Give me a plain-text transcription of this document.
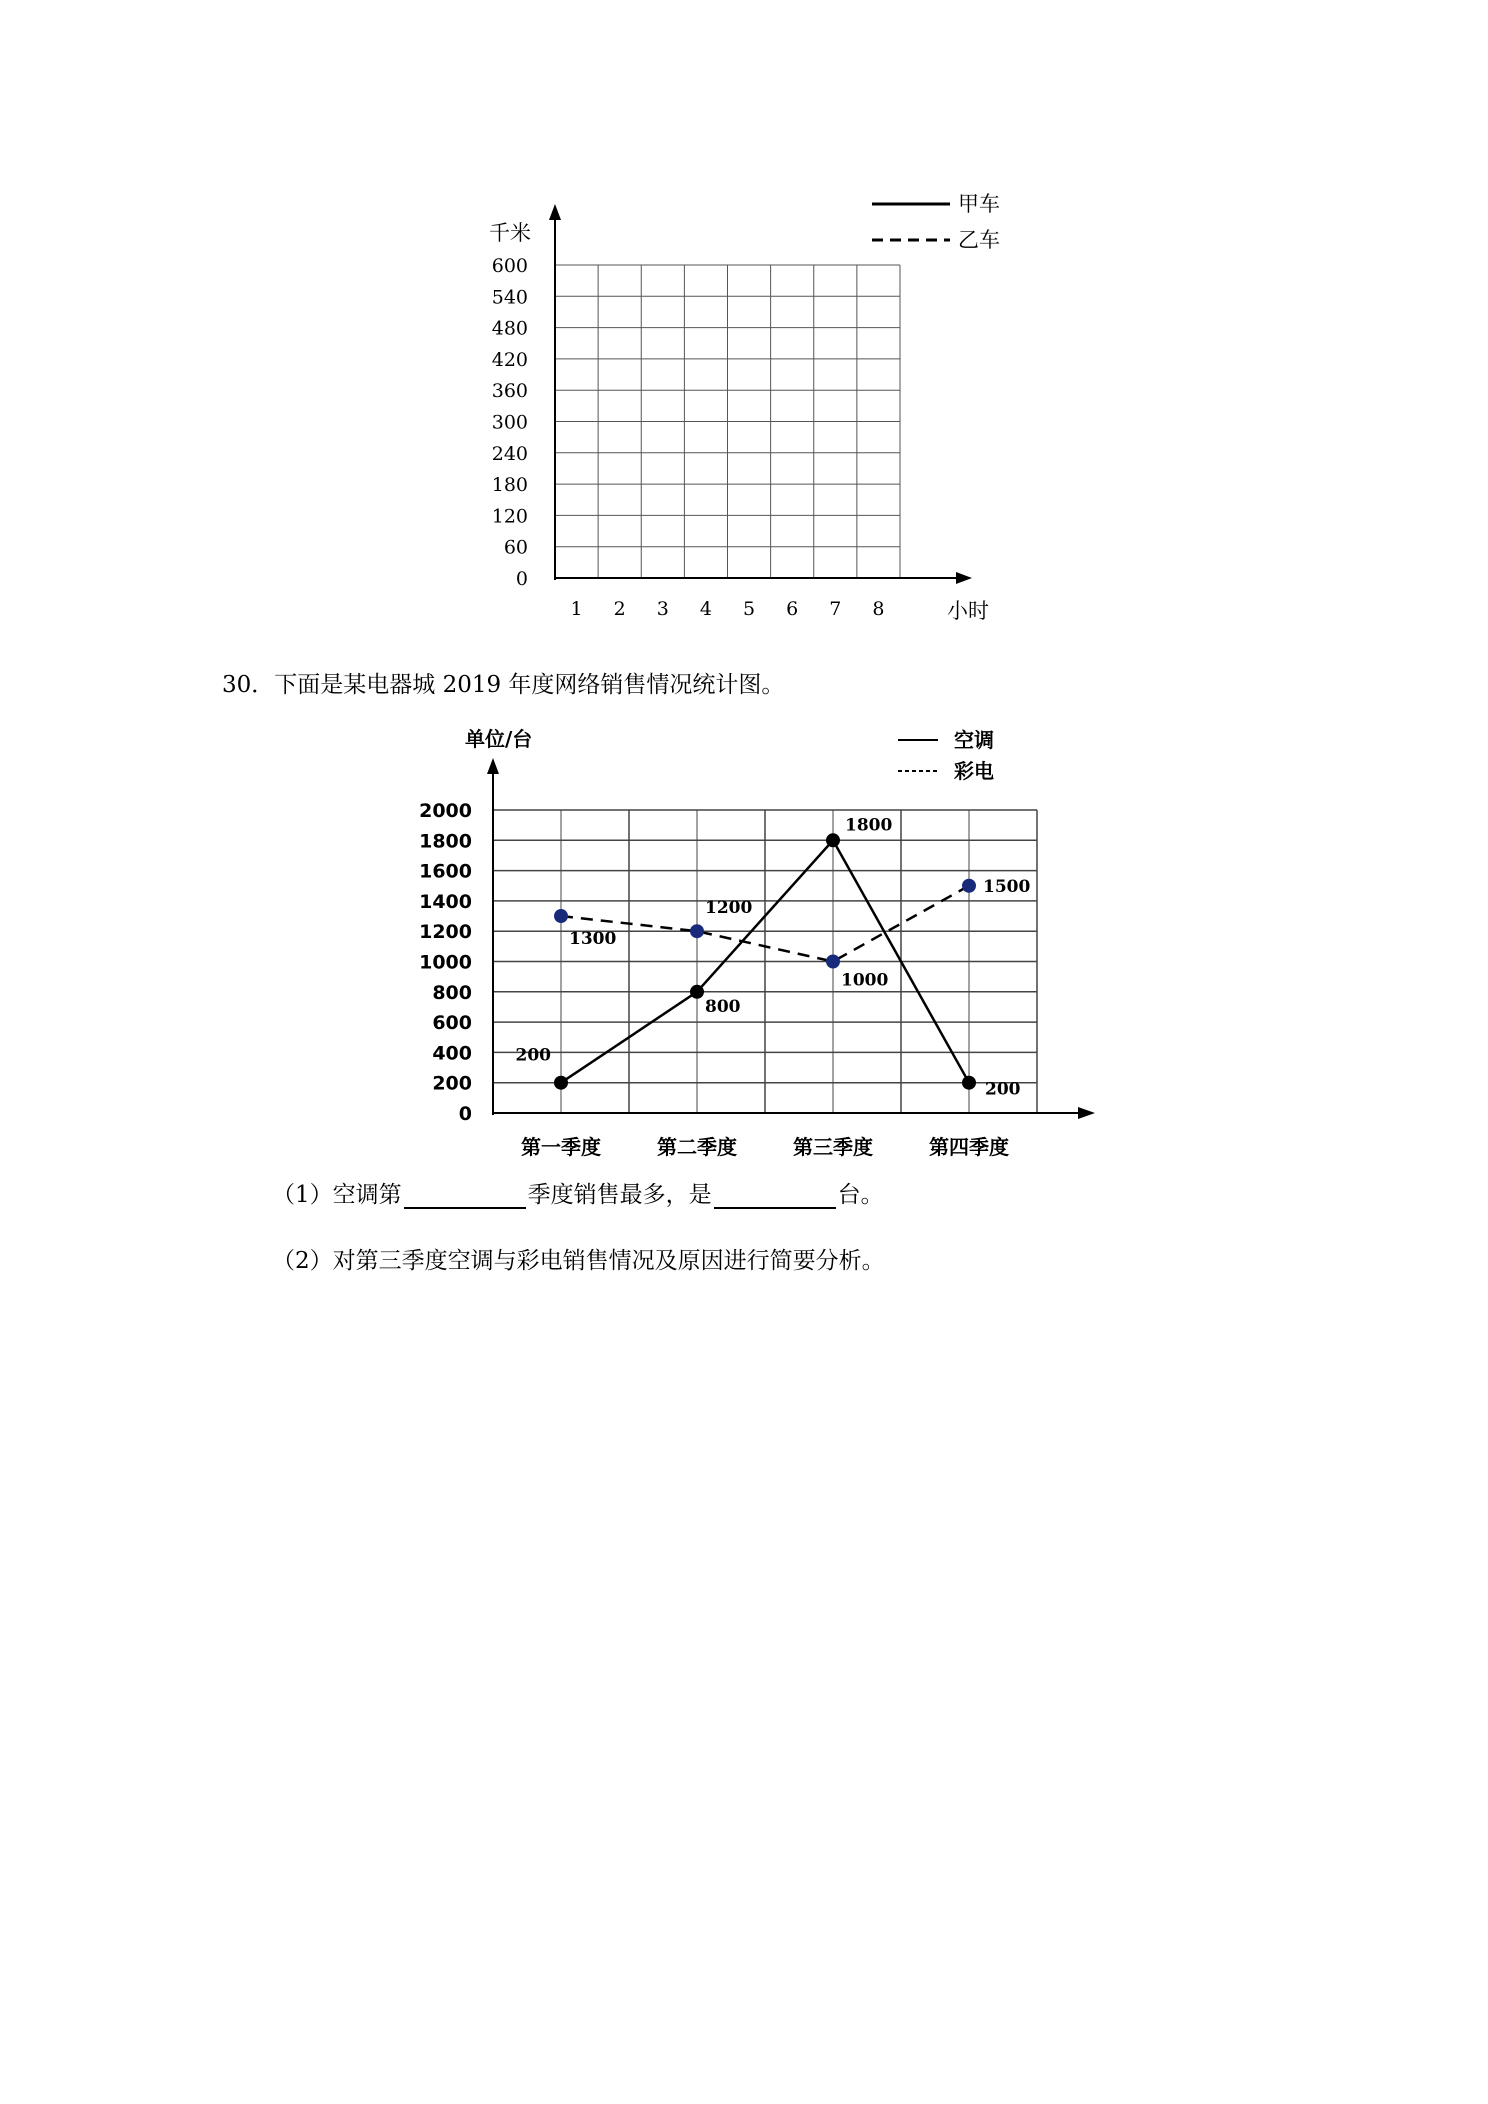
600
540
480
420
360
300
240
180
120
60
0
1 2 3 4 5 6 7 8
千米
小时
甲车
乙车
30．下面是某电器城 2019 年度网络销售情况统计图。
2000
1800
1600
1400
1200
1000
800
600
400
200
0
第一季度	第二季度	第三季度	第四季度
200
800
1800
200
1300
1200
1000
1500
单位/台	空调
彩电
（1）空调第	季度销售最多，是	台。
（2）对第三季度空调与彩电销售情况及原因进行简要分析。
